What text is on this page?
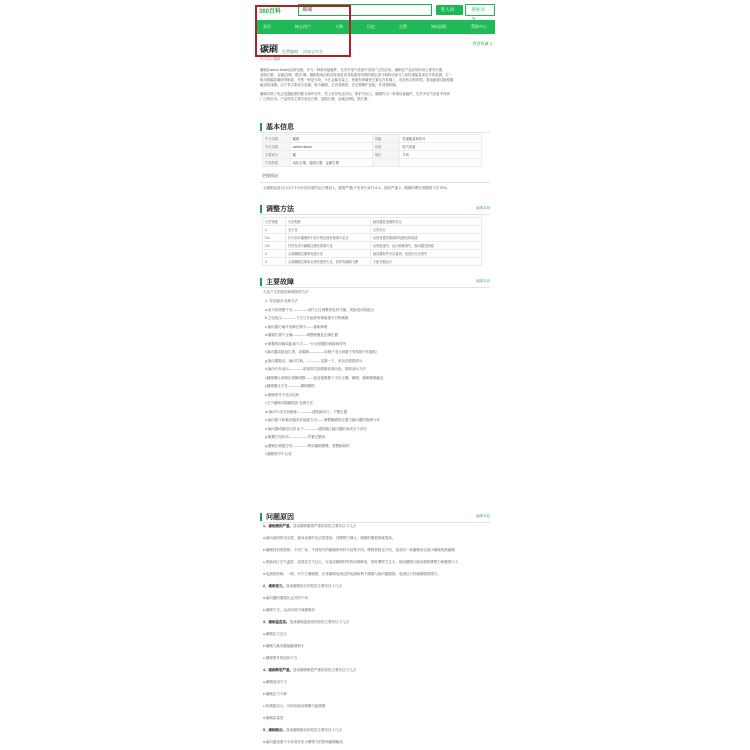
360百科	碳刷	进入词	搜索词
首页	核心用户	人物	历史	自然	知识团队	帮助中心
碳刷 免费编辑 添加义项名
我要收藏 3
同义词 | 碳刷
碳刷(Carbon brush)也叫电刷，作为一种滑动接触件，在许多电气设备中得到广泛的应用。碳刷在产品应用的用主要有石墨，
浸脂石墨，金属(含铜、银)石墨。碳刷是电动机或发电机或其他旋转机械的固定部分和转动部分之间传递能量或信号的装置，它一
般用纯碳加凝固剂制成，外型一般是方块，卡在金属支架上，里面有弹簧把它紧压在转轴上，电机转动的时候，将电能通过换相器
输送给线圈。由于其主要成分是碳，称为碳刷，它容易磨损，应定期维护更换，并清理积碳。
碳刷对除了电志类器能需的联当和作用外，然上电导电也可以，保护方向上，碳刷作为一种滑动接触件，在许多电气设备中得到
广泛的应用。产品材质主要有电化石墨，浸脂石墨，金属(含铜)，银石墨。
基本信息
中文名称	碳刷	功能	传递能量和信号
外文名称	carbon brush	应用	电气设备
主要成分	碳	形状	方块
产品材质	电化石墨，浸脂石墨，金属石墨		
更换情况
当碳刷运用1万1万1千小时后所需的运行增加 1，磨损严重(不至导片)时为1.2。损坏严重 2，碳刷的剩长度磨损不足75%。
调整方法	编辑本段
火花等级	火花程度	换向器及电刷的状态
1	无火花	正常运行
1¼	仅小部分碳刷的小部分的边缘有微弱火花点	出现有极其稀疏的电刷运转痕迹
1½	仍然有部分碳刷边缘有着弱火花	出现痕迹有，运行稍候消失，换向器无积碳
2	全部碳刷边缘都有强火花	换向器有些可以看到，但是运行后消失
3	全部碳刷边缘和全部有强烈火花，同时有碳刷飞溅	不能长期运行
主要故障	编辑本段
火花产生的原因和排除的方法
1. 导电原因 处理方法
a.前为故调整不妥-------------用什么打调整发电机气隙，或换电动机配合
b.主电电压------------下压与升起使用调接接引对的碳刷
c.换向器刃毫升故障长期不------重新修理
d.碳刷位置不正确------------调整刷握及正确位置
e.刷握的间隙或距离不对----一针正刷握的间隙和排列
f.换向器或换电打滑，或碳刷-------------用刷子适当研磨下等待刷子的面积
g.换向器振动，换向打换，------------定期一下，来包在磨损部分
h.换向片有油污------------用抹擦式的碳刷检查所查，排除油污方法
i.碳刷刷压或刷压弹簧调整-------他连接刷握下平压正确，碳刷，碳刷稍微触及
j.碳刷磨去不足-----------碳刷磨损
k.碳刷型号不适合电机
l.关于碳刷对碳碳原因 处理方法
m.换向片或支持绝缘-------------清除换向片，下整位置
n.换向板不和换向器或其他地方出------调整碳刷的位置与换向器的绝缘与环
o.换向器或换电打滑 由于------------清除地区换向器的表或各个部分
p.刷握打结松动----------------拧紧过整拆
q.碳刷压刷握打结-------------利用碳刷摆锤，要整换和的
r.碳刷型号不合适
问题原因	编辑本段
1、碳刷磨损严重。造成碳刷磨损严重的原因主要有以下几点
a.换向表面的光洁度，换向表面的光洁度提高，其摩擦力增大，碳刷的磨损率就提高。
b.碳刷材质的影响：不同厂家，不同型号的碳刷的材料与结构不同，摩擦系数也不同，选用同一种碳刷同以减少碳刷电路碳刷
c.使换向区空气温度、湿度及空气过大，以造成碳刷材料的润滑降低，同时摩擦力过大。高质碳刷与换向器的摩擦力和磨损不大
d.电流的影响：一般，对于石墨碳刷，正常碳刷电流过的电流和利于碳刷与换向器磨损，电流过大时碳刷磨损增大。
2、碳刷延长。造成碳刷延长的原因主要有以下几点
a.换向器的磨损比正式的不均
b.碳刷不足，由各向或中间碳刷扣
3、碳刷温度高。造成碳刷温度高的原因主要有以下几点
a.碳刷压力过大
b.碳刷与换向器接触面积小
c.碳刷型号的选择不当
4、碳刷断裂严重。造成碳刷断裂严重的原因主要有以下几点
a.碳刷选用不当
b.碳刷压力不够
c.机械振动大，外部由振动刷握引起刷握
d.碳刷质量差
5、碳刷跳动。造成碳刷跳动的原因主要有以下几点
a.换向器表面不平或者各类小摩擦力的影响碳刷跳动
